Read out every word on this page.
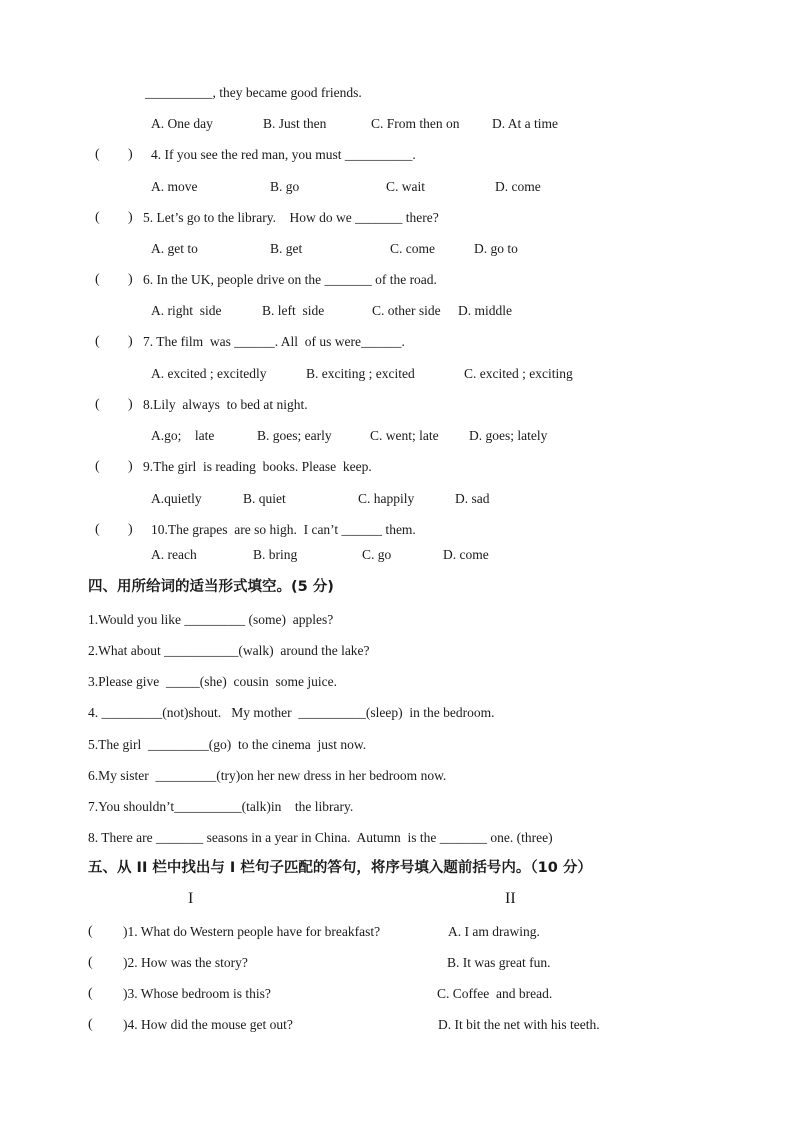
__________, they became good friends.
A. One day	B. Just then	C. From then on D. At a time
( ) 4. If you see the red man, you must __________.
A. move	B. go	C. wait	D. come
( ) 5. Let’s go to the library.    How do we _______ there?
A. get to	B. get	C. come	D. go to
( ) 6. In the UK, people drive on the _______ of the road.
A. right  side	B. left  side	C. other side D. middle
( ) 7. The film  was ______. All  of us were______.
A. excited ; excitedly	B. exciting ; excited	C. excited ; exciting
( ) 8.Lily  always  to bed at night.
A.go;    late	B. goes; early	C. went; late D. goes; lately
( ) 9.The girl  is reading  books. Please  keep.
A.quietly	B. quiet	C. happily	D. sad
( ) 10.The grapes  are so high.  I can’t ______ them.
A. reach	B. bring	C. go	D. come
四、用所给词的适当形式填空。(5 分)
1.Would you like _________ (some)  apples?
2.What about ___________(walk)  around the lake?
3.Please give  _____(she)  cousin  some juice.
4. _________(not)shout.   My mother  __________(sleep)  in the bedroom.
5.The girl  _________(go)  to the cinema  just now.
6.My sister  _________(try)on her new dress in her bedroom now.
7.You shouldn’t__________(talk)in    the library.
8. There are _______ seasons in a year in China.  Autumn  is the _______ one. (three)
五、从 II 栏中找出与 I 栏句子匹配的答句，将序号填入题前括号内。（10 分）
I	II
( )1. What do Western people have for breakfast?	A. I am drawing.
( )2. How was the story?	B. It was great fun.
( )3. Whose bedroom is this?	C. Coffee  and bread.
( )4. How did the mouse get out?	D. It bit the net with his teeth.
